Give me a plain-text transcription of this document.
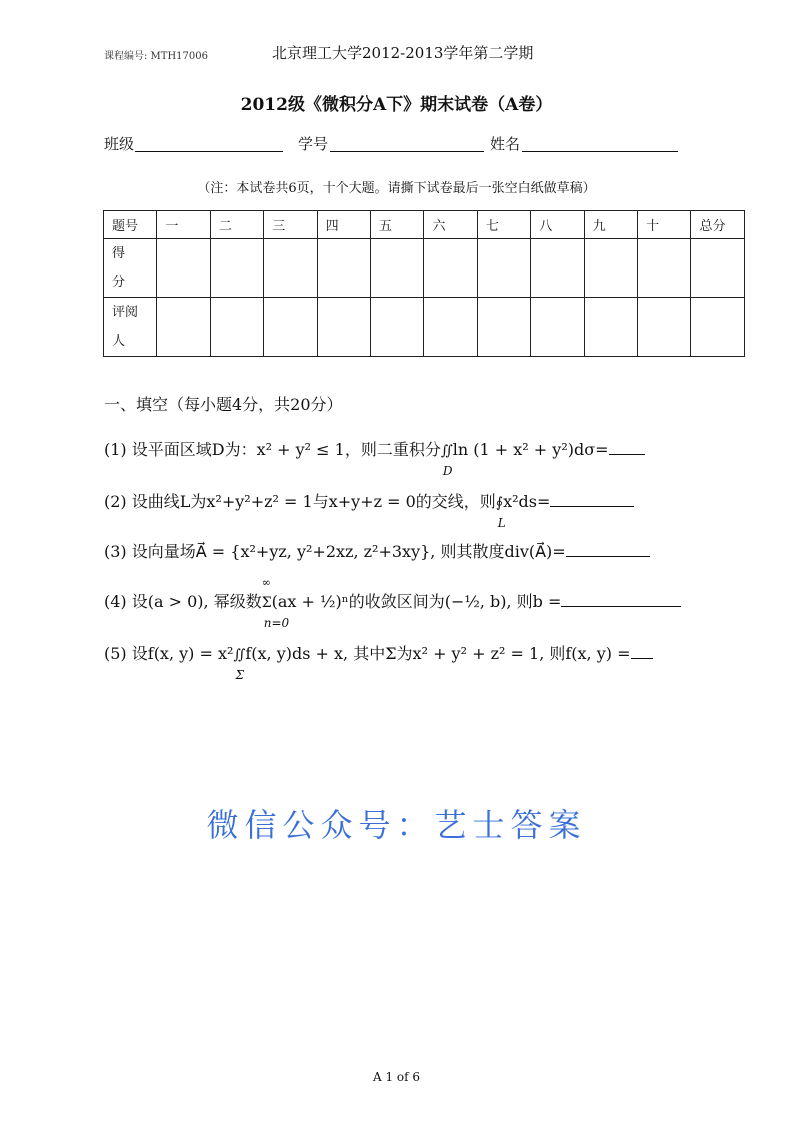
课程编号: MTH17006	北京理工大学2012-2013学年第二学期
2012级《微积分A下》期末试卷（A卷）
班级	学号	姓名
（注：本试卷共6页，十个大题。请撕下试卷最后一张空白纸做草稿）
题号	一	二	三	四	五	六	七	八	九	十	总分
得
分											
评阅
人											
一、填空（每小题4分，共20分）
(1) 设平面区域D为：x² + y² ≤ 1，则二重积分∬
D
ln (1 + x² + y²)dσ=
(2) 设曲线L为x²+y²+z² = 1与x+y+z = 0的交线，则∮
L
x²ds=
(3) 设向量场A⃗ = {x²+yz, y²+2xz, z²+3xy}, 则其散度div(A⃗)=
(4) 设(a > 0), 幂级数
∞
Σ
n=0
(ax + ½)ⁿ的收敛区间为(−½, b), 则b =
(5) 设f(x, y) = x²∬
Σ
f(x, y)ds + x, 其中Σ为x² + y² + z² = 1, 则f(x, y) =
微信公众号：艺士答案
A 1 of 6
